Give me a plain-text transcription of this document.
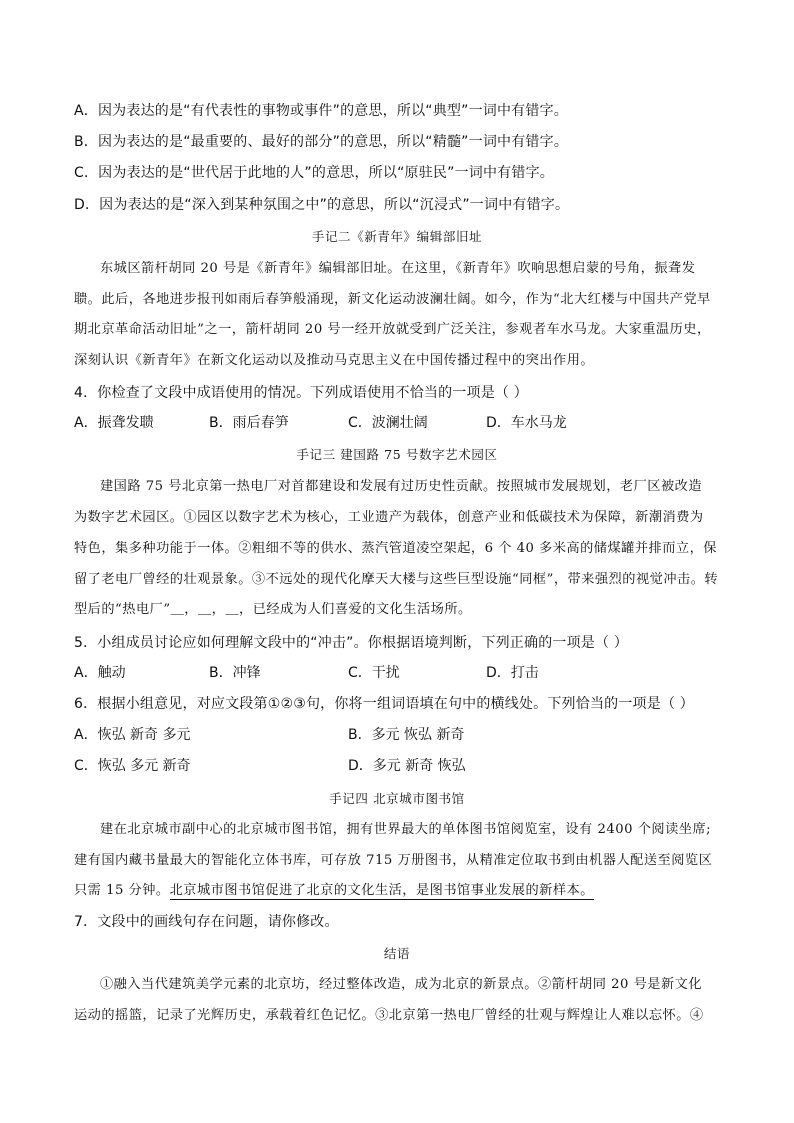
A．因为表达的是“有代表性的事物或事件”的意思，所以“典型”一词中有错字。
B．因为表达的是“最重要的、最好的部分”的意思，所以“精髓”一词中有错字。
C．因为表达的是“世代居于此地的人”的意思，所以“原驻民”一词中有错字。
D．因为表达的是“深入到某种氛围之中”的意思，所以“沉浸式”一词中有错字。
手记二《新青年》编辑部旧址
东城区箭杆胡同 20 号是《新青年》编辑部旧址。在这里，《新青年》吹响思想启蒙的号角，振聋发
聩。此后，各地进步报刊如雨后春笋般涌现，新文化运动波澜壮阔。如今，作为“北大红楼与中国共产党早
期北京革命活动旧址”之一，箭杆胡同 20 号一经开放就受到广泛关注，参观者车水马龙。大家重温历史，
深刻认识《新青年》在新文化运动以及推动马克思主义在中国传播过程中的突出作用。
4．你检查了文段中成语使用的情况。下列成语使用不恰当的一项是（ ）
A．振聋发聩	B．雨后春笋	C．波澜壮阔	D．车水马龙
手记三 建国路 75 号数字艺术园区
建国路 75 号北京第一热电厂对首都建设和发展有过历史性贡献。按照城市发展规划，老厂区被改造
为数字艺术园区。①园区以数字艺术为核心，工业遗产为载体，创意产业和低碳技术为保障，新潮消费为
特色，集多种功能于一体。②粗细不等的供水、蒸汽管道凌空架起，6 个 40 多米高的储煤罐并排而立，保
留了老电厂曾经的壮观景象。③不远处的现代化摩天大楼与这些巨型设施“同框”，带来强烈的视觉冲击。转
型后的“热电厂”＿，＿，＿，已经成为人们喜爱的文化生活场所。
5．小组成员讨论应如何理解文段中的“冲击”。你根据语境判断，下列正确的一项是（ ）
A．触动	B．冲锋	C．干扰	D．打击
6．根据小组意见，对应文段第①②③句，你将一组词语填在句中的横线处。下列恰当的一项是（ ）
A．恢弘 新奇 多元	B．多元 恢弘 新奇
C．恢弘 多元 新奇	D．多元 新奇 恢弘
手记四 北京城市图书馆
建在北京城市副中心的北京城市图书馆，拥有世界最大的单体图书馆阅览室，设有 2400 个阅读坐席;
建有国内藏书量最大的智能化立体书库，可存放 715 万册图书，从精准定位取书到由机器人配送至阅览区
只需 15 分钟。北京城市图书馆促进了北京的文化生活，是图书馆事业发展的新样本。
7．文段中的画线句存在问题，请你修改。
结语
①融入当代建筑美学元素的北京坊，经过整体改造，成为北京的新景点。②箭杆胡同 20 号是新文化
运动的摇篮，记录了光辉历史，承载着红色记忆。③北京第一热电厂曾经的壮观与辉煌让人难以忘怀。④
